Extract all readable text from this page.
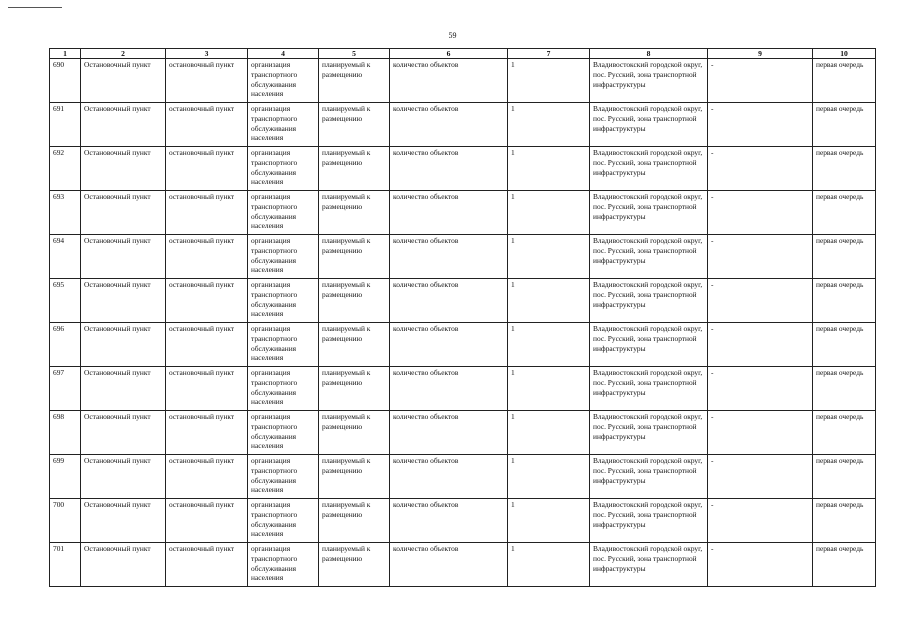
59
1	2	3	4	5	6	7	8	9	10

690	Остановочный пункт	остановочный пункт	организация транспортного обслуживания населения	планируемый к размещению	количество объектов	1	Владивостокский городской округ, пос. Русский, зона транспортной инфраструктуры	-	первая очередь

691	Остановочный пункт	остановочный пункт	организация транспортного обслуживания населения	планируемый к размещению	количество объектов	1	Владивостокский городской округ, пос. Русский, зона транспортной инфраструктуры	-	первая очередь

692	Остановочный пункт	остановочный пункт	организация транспортного обслуживания населения	планируемый к размещению	количество объектов	1	Владивостокский городской округ, пос. Русский, зона транспортной инфраструктуры	-	первая очередь

693	Остановочный пункт	остановочный пункт	организация транспортного обслуживания населения	планируемый к размещению	количество объектов	1	Владивостокский городской округ, пос. Русский, зона транспортной инфраструктуры	-	первая очередь

694	Остановочный пункт	остановочный пункт	организация транспортного обслуживания населения	планируемый к размещению	количество объектов	1	Владивостокский городской округ, пос. Русский, зона транспортной инфраструктуры	-	первая очередь

695	Остановочный пункт	остановочный пункт	организация транспортного обслуживания населения	планируемый к размещению	количество объектов	1	Владивостокский городской округ, пос. Русский, зона транспортной инфраструктуры	-	первая очередь

696	Остановочный пункт	остановочный пункт	организация транспортного обслуживания населения	планируемый к размещению	количество объектов	1	Владивостокский городской округ, пос. Русский, зона транспортной инфраструктуры	-	первая очередь

697	Остановочный пункт	остановочный пункт	организация транспортного обслуживания населения	планируемый к размещению	количество объектов	1	Владивостокский городской округ, пос. Русский, зона транспортной инфраструктуры	-	первая очередь

698	Остановочный пункт	остановочный пункт	организация транспортного обслуживания населения	планируемый к размещению	количество объектов	1	Владивостокский городской округ, пос. Русский, зона транспортной инфраструктуры	-	первая очередь

699	Остановочный пункт	остановочный пункт	организация транспортного обслуживания населения	планируемый к размещению	количество объектов	1	Владивостокский городской округ, пос. Русский, зона транспортной инфраструктуры	-	первая очередь

700	Остановочный пункт	остановочный пункт	организация транспортного обслуживания населения	планируемый к размещению	количество объектов	1	Владивостокский городской округ, пос. Русский, зона транспортной инфраструктуры	-	первая очередь

701	Остановочный пункт	остановочный пункт	организация транспортного обслуживания населения	планируемый к размещению	количество объектов	1	Владивостокский городской округ, пос. Русский, зона транспортной инфраструктуры	-	первая очередь
